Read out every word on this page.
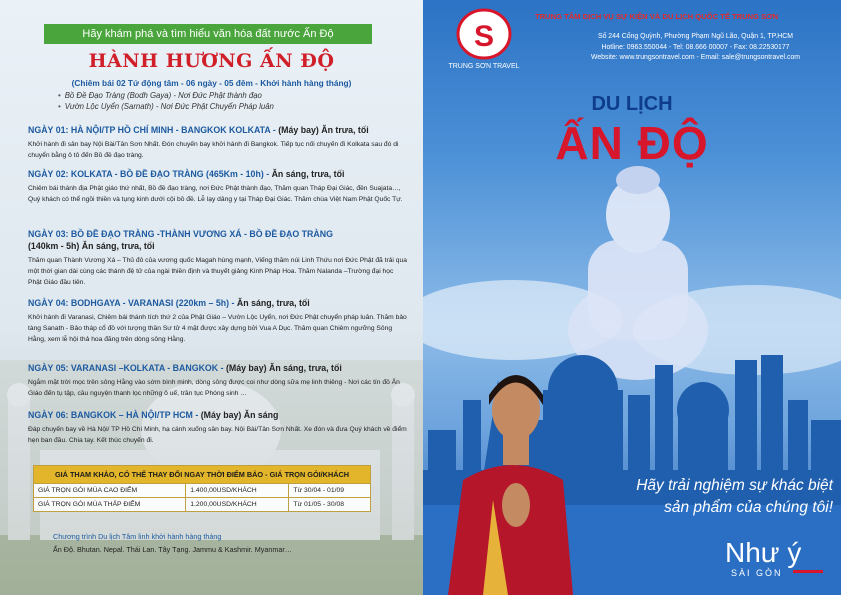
Hãy khám phá và tìm hiểu văn hóa đất nước Ấn Độ
HÀNH HƯƠNG ẤN ĐỘ
(Chiêm bái 02 Tứ động tâm - 06 ngày - 05 đêm - Khởi hành hàng tháng)
• Bồ Đề Đạo Tràng (Bodh Gaya) - Nơi Đức Phật thành đạo
• Vườn Lộc Uyển (Sarnath) - Nơi Đức Phật Chuyển Pháp luân
NGÀY 01: HÀ NỘI/TP HỒ CHÍ MINH - BANGKOK KOLKATA - (Máy bay) Ăn trưa, tối
Khởi hành đi sân bay Nội Bài/Tân Sơn Nhất. Đón chuyến bay khởi hành đi Bangkok. Tiếp tục nối chuyến đi Kolkata sau đó di chuyển bằng ô tô đến Bồ đề đạo tràng.
NGÀY 02: KOLKATA - BỒ ĐỀ ĐẠO TRÀNG (465Km - 10h) - Ăn sáng, trưa, tối
Chiêm bái thánh địa Phật giáo thứ nhất, Bồ đề đạo tràng, nơi Đức Phật thành đạo, Thăm quan Tháp Đại Giác, đền Suajata…, Quý khách có thể ngồi thiền và tụng kinh dưới cội bồ đề. Lễ lạy dâng y tại Tháp Đại Giác. Thăm chùa Việt Nam Phật Quốc Tự.
NGÀY 03: BỒ ĐỀ ĐẠO TRÀNG -THÀNH VƯƠNG XÁ - BỒ ĐỀ ĐẠO TRÀNG
(140km - 5h) Ăn sáng, trưa, tối
Thăm quan Thành Vương Xá – Thủ đô của vương quốc Magah hùng mạnh, Viếng thăm núi Linh Thứu nơi Đức Phật đã trải qua một thời gian dài cùng các thánh đệ tử của ngài thiền định và thuyết giảng Kinh Pháp Hoa. Thăm Nalanda –Trường đại học Phật Giáo đầu tiên.
NGÀY 04: BODHGAYA - VARANASI (220km – 5h) - Ăn sáng, trưa, tối
Khởi hành đi Varanasi, Chiêm bái thánh tích thứ 2 của Phật Giáo – Vườn Lộc Uyển, nơi Đức Phật chuyển pháp luân. Thăm bảo tàng Sanath - Bảo tháp cổ đồ với tượng thần Sư tử 4 mặt được xây dựng bởi Vua A Dục. Thăm quan Chiêm ngưỡng Sông Hằng, xem lễ hội thả hoa đăng trên dòng sông Hằng.
NGÀY 05: VARANASI –KOLKATA - BANGKOK - (Máy bay) Ăn sáng, trưa, tối
Ngắm mặt trời mọc trên sông Hằng vào sớm bình minh, dòng sông được coi như dòng sữa mẹ linh thiêng - Nơi các tín đồ Ấn Giáo đến tụ tập, cầu nguyện thanh lọc những ô uế, trần tục Phóng sinh …
NGÀY 06: BANGKOK – HÀ NỘI/TP HCM - (Máy bay) Ăn sáng
Đáp chuyến bay về Hà Nội/ TP Hồ Chí Minh, hạ cánh xuống sân bay. Nội Bài/Tân Sơn Nhất. Xe đón và đưa Quý khách về điểm hẹn ban đầu. Chia tay. Kết thúc chuyến đi.
GIÁ THAM KHẢO, CÓ THỂ THAY ĐỔI NGAY THỜI ĐIỂM BÁO - GIÁ TRỌN GÓI/KHÁCH		
GIÁ TRỌN GÓI MÙA CAO ĐIỂM	1.400,00USD/KHÁCH	Từ 30/04 - 01/09
GIÁ TRỌN GÓI MÙA THẤP ĐIỂM	1.200,00USD/KHÁCH	Từ 01/05 - 30/08
Chương trình Du lịch Tâm linh khởi hành hàng tháng
Ấn Độ. Bhutan. Nepal. Thái Lan. Tây Tạng. Jammu & Kashmir. Myanmar…
S
TRUNG SƠN TRAVEL
TRUNG TÂM DỊCH VỤ SỰ KIỆN VÀ DU LỊCH QUỐC TẾ TRUNG SƠN
Số 244 Cống Quỳnh, Phường Phạm Ngũ Lão, Quận 1, TP.HCM
Hotline: 0963.550044 - Tel: 08.666 00007 - Fax: 08.22530177
Website: www.trungsontravel.com - Email: sale@trungsontravel.com
DU LỊCH
ẤN ĐỘ
Hãy trải nghiệm sự khác biệt
sản phẩm của chúng tôi!
Như ý
SÀI GÒN
